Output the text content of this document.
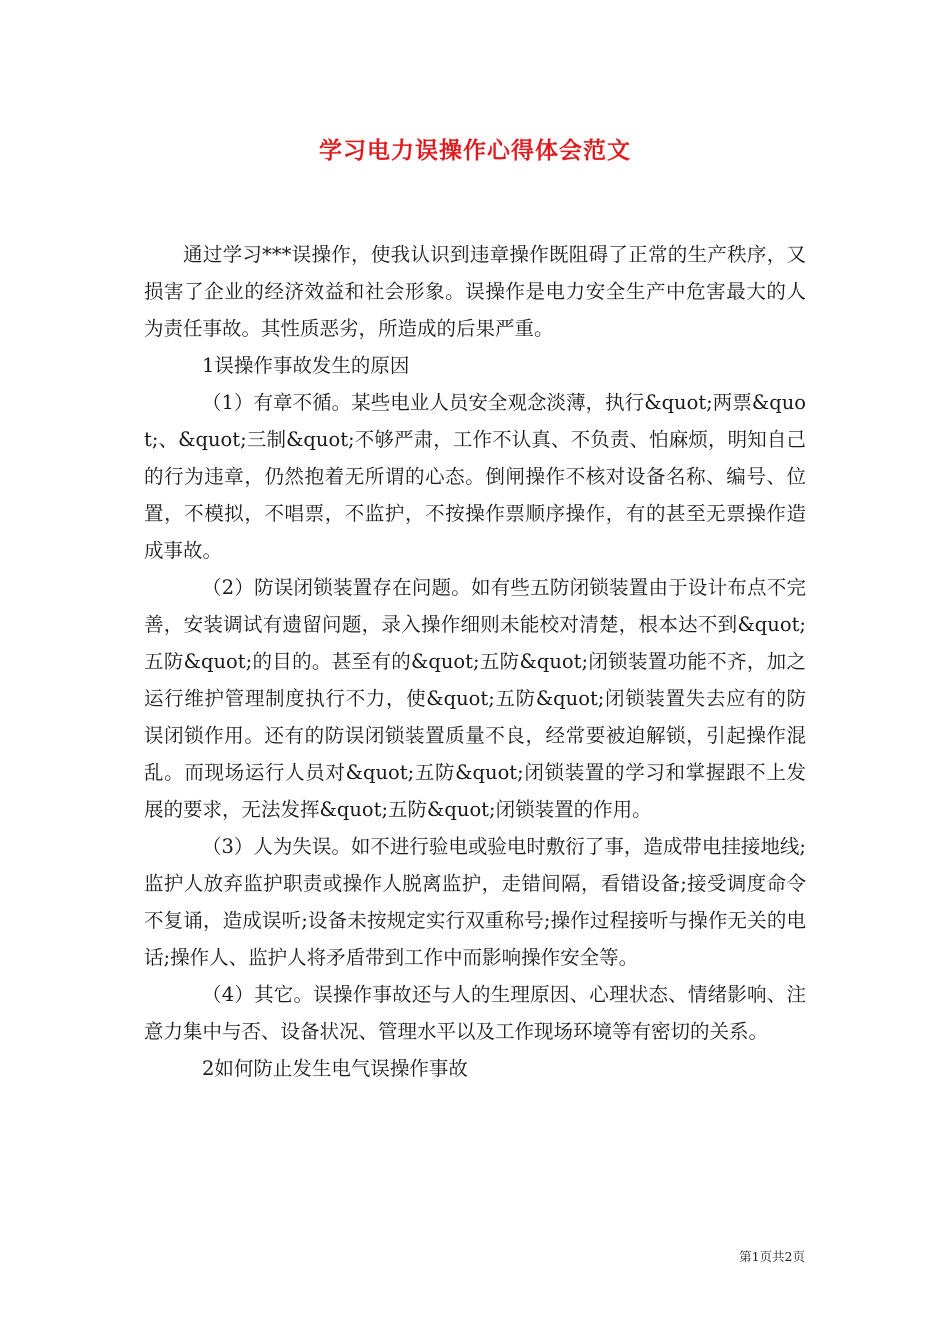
学习电力误操作心得体会范文

通过学习***误操作，使我认识到违章操作既阻碍了正常的生产秩序，又损害了企业的经济效益和社会形象。误操作是电力安全生产中危害最大的人为责任事故。其性质恶劣，所造成的后果严重。

1误操作事故发生的原因

（1）有章不循。某些电业人员安全观念淡薄，执行&quot;两票&quot;、&quot;三制&quot;不够严肃，工作不认真、不负责、怕麻烦，明知自己的行为违章，仍然抱着无所谓的心态。倒闸操作不核对设备名称、编号、位置，不模拟，不唱票，不监护，不按操作票顺序操作，有的甚至无票操作造成事故。

（2）防误闭锁装置存在问题。如有些五防闭锁装置由于设计布点不完善，安装调试有遗留问题，录入操作细则未能校对清楚，根本达不到&quot;五防&quot;的目的。甚至有的&quot;五防&quot;闭锁装置功能不齐，加之运行维护管理制度执行不力，使&quot;五防&quot;闭锁装置失去应有的防误闭锁作用。还有的防误闭锁装置质量不良，经常要被迫解锁，引起操作混乱。而现场运行人员对&quot;五防&quot;闭锁装置的学习和掌握跟不上发展的要求，无法发挥&quot;五防&quot;闭锁装置的作用。

（3）人为失误。如不进行验电或验电时敷衍了事，造成带电挂接地线;监护人放弃监护职责或操作人脱离监护，走错间隔，看错设备;接受调度命令不复诵，造成误听;设备未按规定实行双重称号;操作过程接听与操作无关的电话;操作人、监护人将矛盾带到工作中而影响操作安全等。

（4）其它。误操作事故还与人的生理原因、心理状态、情绪影响、注意力集中与否、设备状况、管理水平以及工作现场环境等有密切的关系。

2如何防止发生电气误操作事故

第1页共2页
